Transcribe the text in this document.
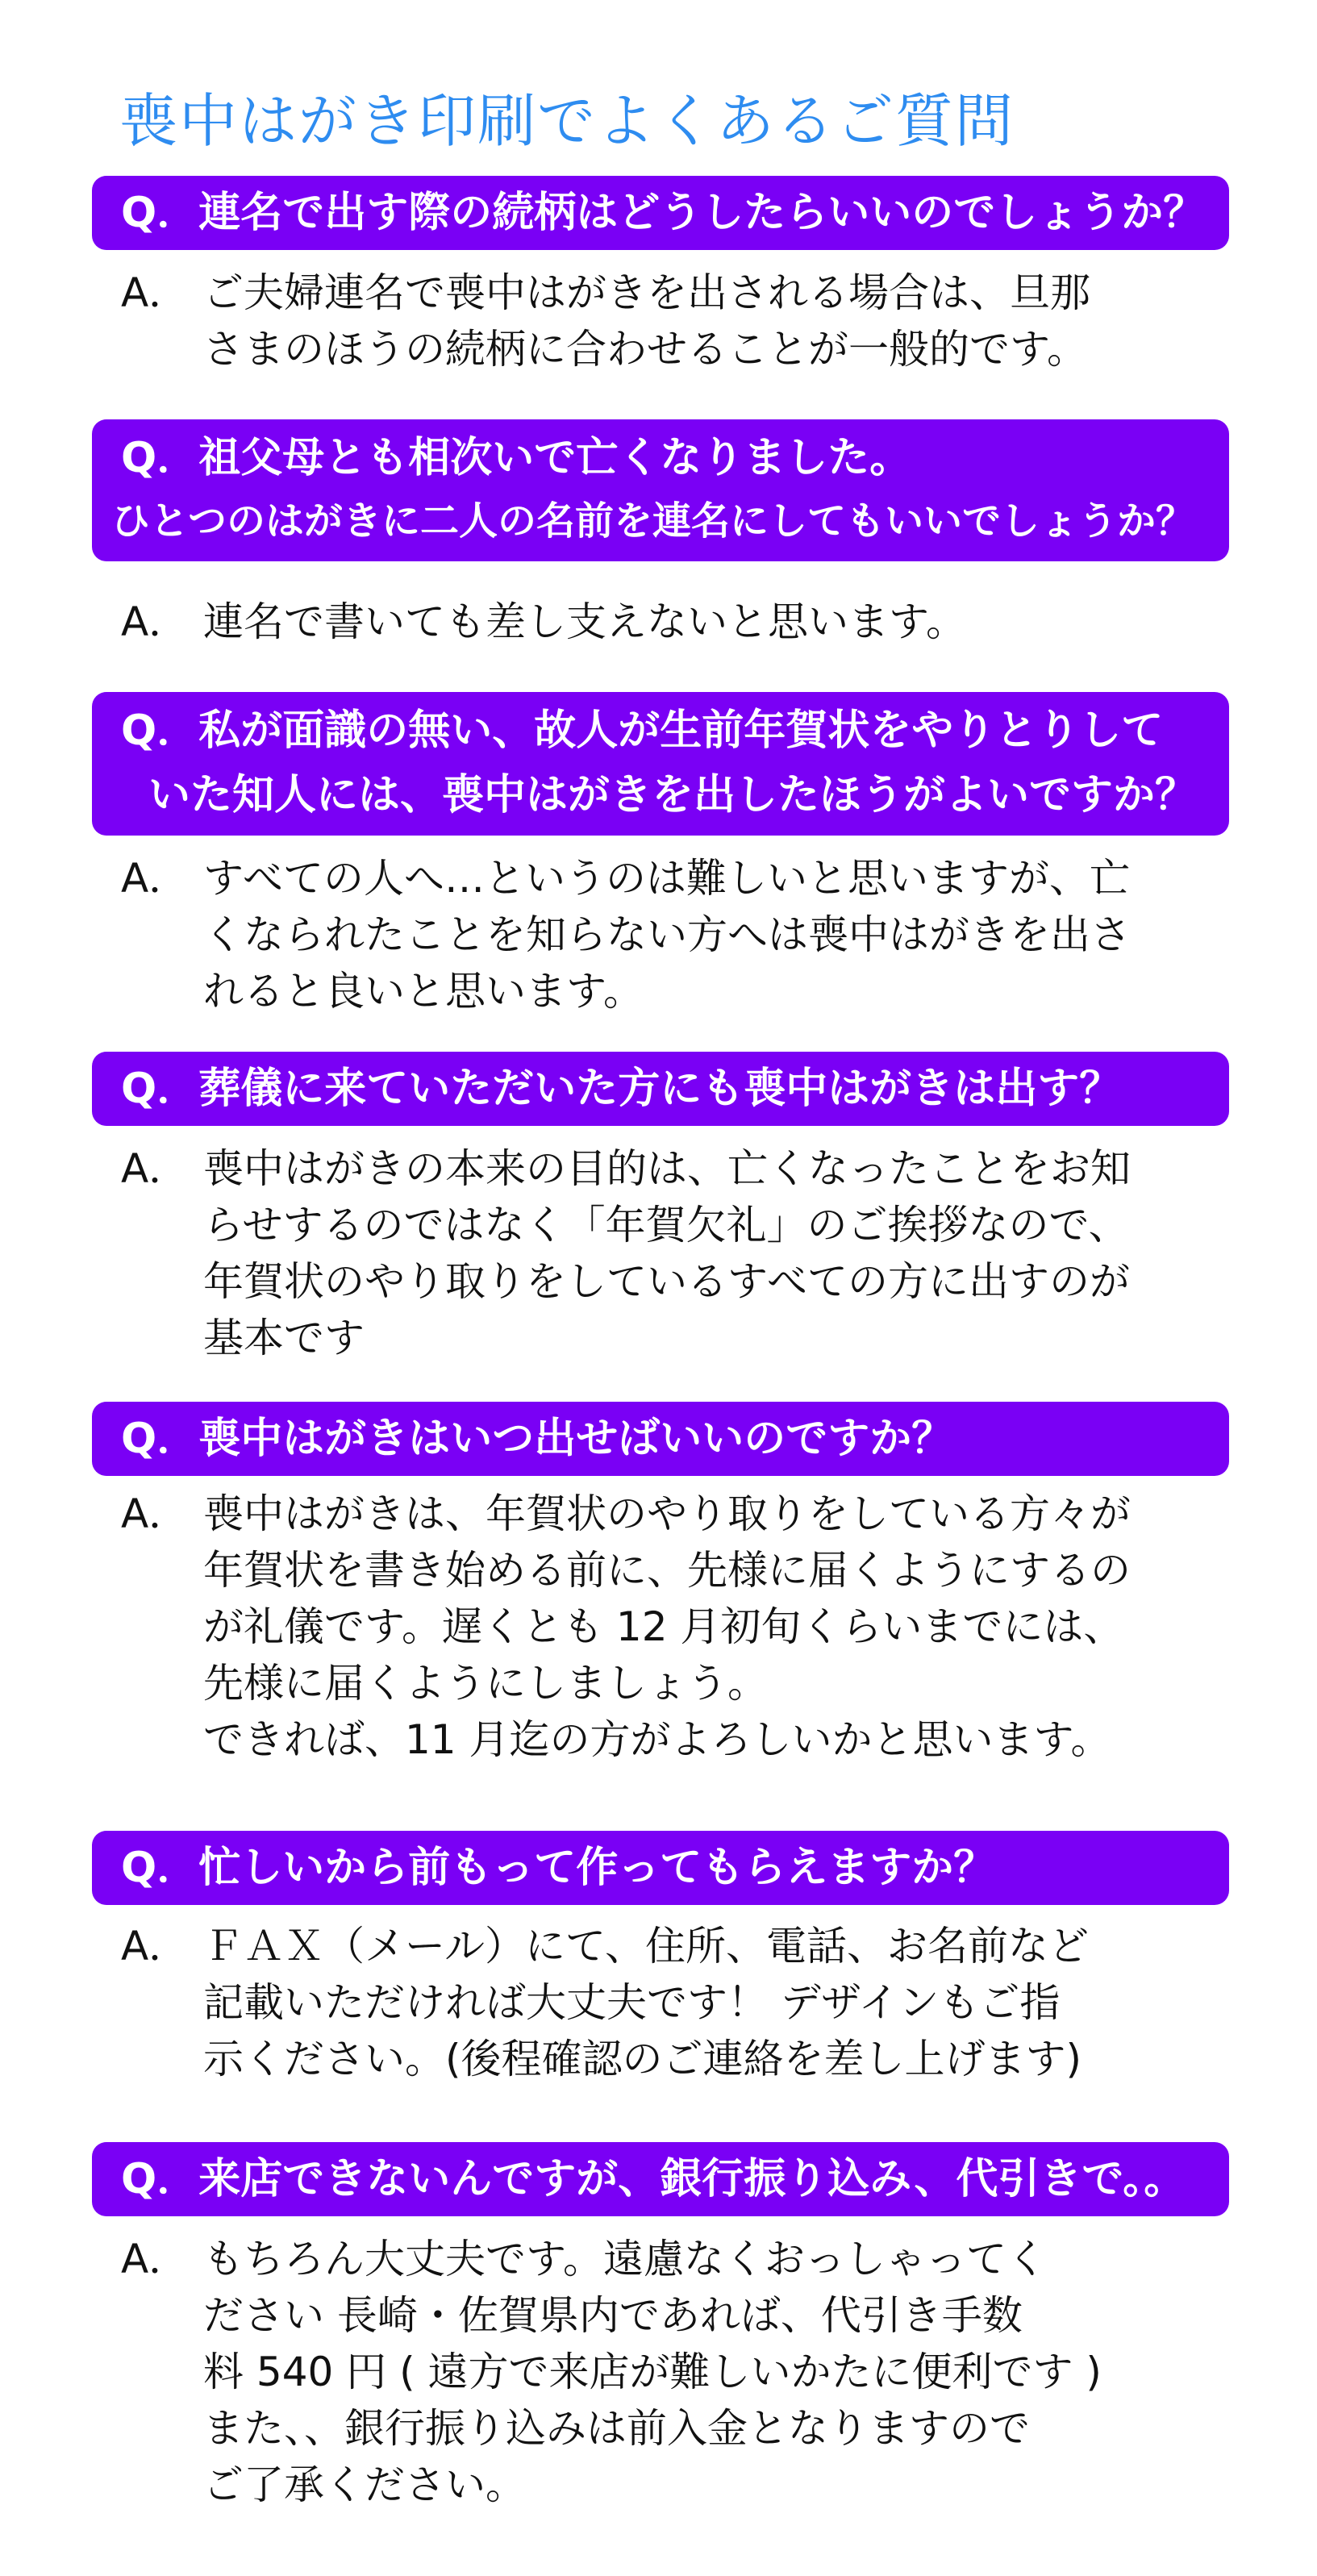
喪中はがき印刷でよくあるご質問
Q．連名で出す際の続柄はどうしたらいいのでしょうか？
A． ご夫婦連名で喪中はがきを出される場合は、旦那
さまのほうの続柄に合わせることが一般的です。
Q．祖父母とも相次いで亡くなりました。
ひとつのはがきに二人の名前を連名にしてもいいでしょうか？
A． 連名で書いても差し支えないと思います。
Q．私が面識の無い、故人が生前年賀状をやりとりして
いた知人には、喪中はがきを出したほうがよいですか？
A． すべての人へ…というのは難しいと思いますが、亡
くなられたことを知らない方へは喪中はがきを出さ
れると良いと思います。
Q．葬儀に来ていただいた方にも喪中はがきは出す？
A． 喪中はがきの本来の目的は、亡くなったことをお知
らせするのではなく「年賀欠礼」のご挨拶なので、
年賀状のやり取りをしているすべての方に出すのが
基本です
Q．喪中はがきはいつ出せばいいのですか？
A． 喪中はがきは、年賀状のやり取りをしている方々が
年賀状を書き始める前に、先様に届くようにするの
が礼儀です。遅くとも 12 月初旬くらいまでには、
先様に届くようにしましょう。
できれば、11 月迄の方がよろしいかと思います。
Q．忙しいから前もって作ってもらえますか？
A． ＦＡＸ（メール）にて、住所、電話、お名前など
記載いただければ大丈夫です！ デザインもご指
示ください。(後程確認のご連絡を差し上げます)
Q．来店できないんですが、銀行振り込み、代引きで。。
A． もちろん大丈夫です。遠慮なくおっしゃってく
ださい 長崎・佐賀県内であれば、代引き手数
料 540 円 ( 遠方で来店が難しいかたに便利です )
また、、銀行振り込みは前入金となりますので
ご了承ください。
